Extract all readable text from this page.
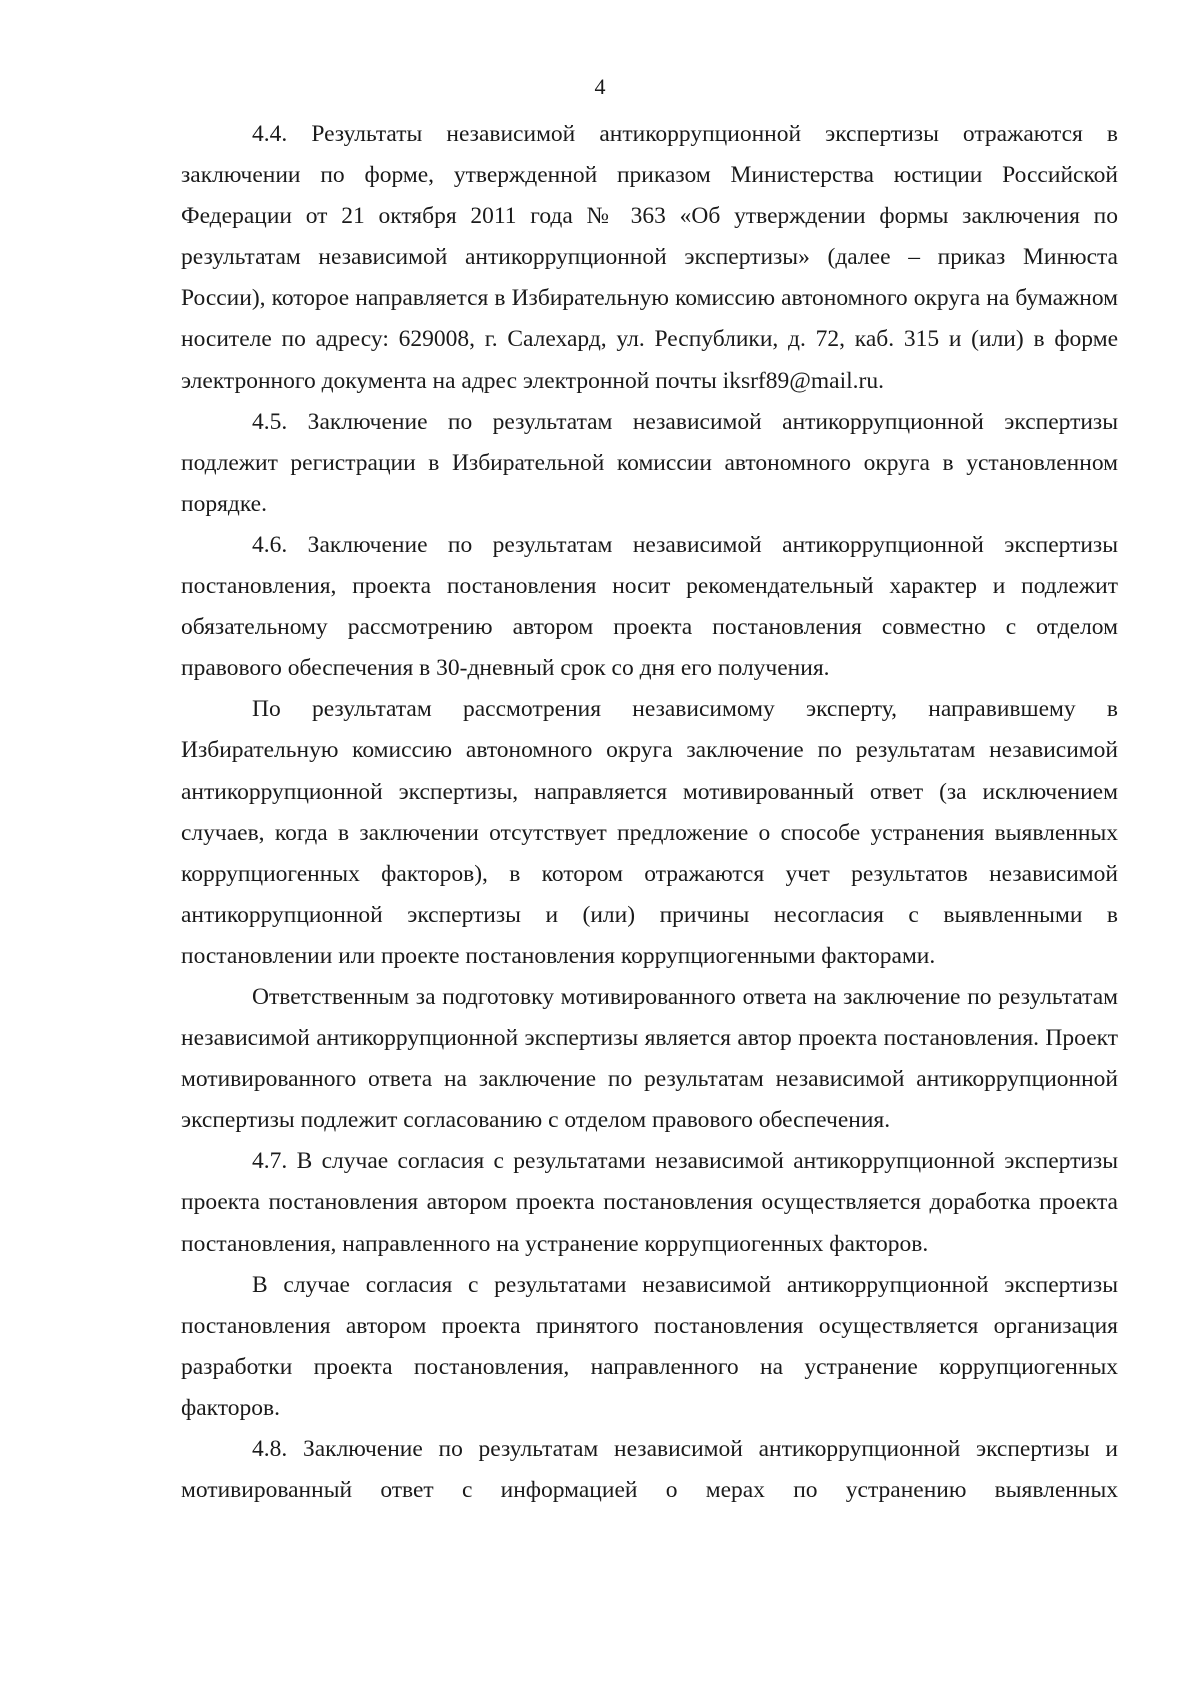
4

4.4. Результаты независимой антикоррупционной экспертизы отражаются в заключении по форме, утвержденной приказом Министерства юстиции Российской Федерации от 21 октября 2011 года № 363 «Об утверждении формы заключения по результатам независимой антикоррупционной экспертизы» (далее – приказ Минюста России), которое направляется в Избирательную комиссию автономного округа на бумажном носителе по адресу: 629008, г. Салехард, ул. Республики, д. 72, каб. 315 и (или) в форме электронного документа на адрес электронной почты iksrf89@mail.ru.

4.5. Заключение по результатам независимой антикоррупционной экспертизы подлежит регистрации в Избирательной комиссии автономного округа в установленном порядке.

4.6. Заключение по результатам независимой антикоррупционной экспертизы постановления, проекта постановления носит рекомендательный характер и подлежит обязательному рассмотрению автором проекта постановления совместно с отделом правового обеспечения в 30-дневный срок со дня его получения.

По результатам рассмотрения независимому эксперту, направившему в Избирательную комиссию автономного округа заключение по результатам независимой антикоррупционной экспертизы, направляется мотивированный ответ (за исключением случаев, когда в заключении отсутствует предложение о способе устранения выявленных коррупциогенных факторов), в котором отражаются учет результатов независимой антикоррупционной экспертизы и (или) причины несогласия с выявленными в постановлении или проекте постановления коррупциогенными факторами.

Ответственным за подготовку мотивированного ответа на заключение по результатам независимой антикоррупционной экспертизы является автор проекта постановления. Проект мотивированного ответа на заключение по результатам независимой антикоррупционной экспертизы подлежит согласованию с отделом правового обеспечения.

4.7. В случае согласия с результатами независимой антикоррупционной экспертизы проекта постановления автором проекта постановления осуществляется доработка проекта постановления, направленного на устранение коррупциогенных факторов.

В случае согласия с результатами независимой антикоррупционной экспертизы постановления автором проекта принятого постановления осуществляется организация разработки проекта постановления, направленного на устранение коррупциогенных факторов.

4.8. Заключение по результатам независимой антикоррупционной экспертизы и мотивированный ответ с информацией о мерах по устранению выявленных
